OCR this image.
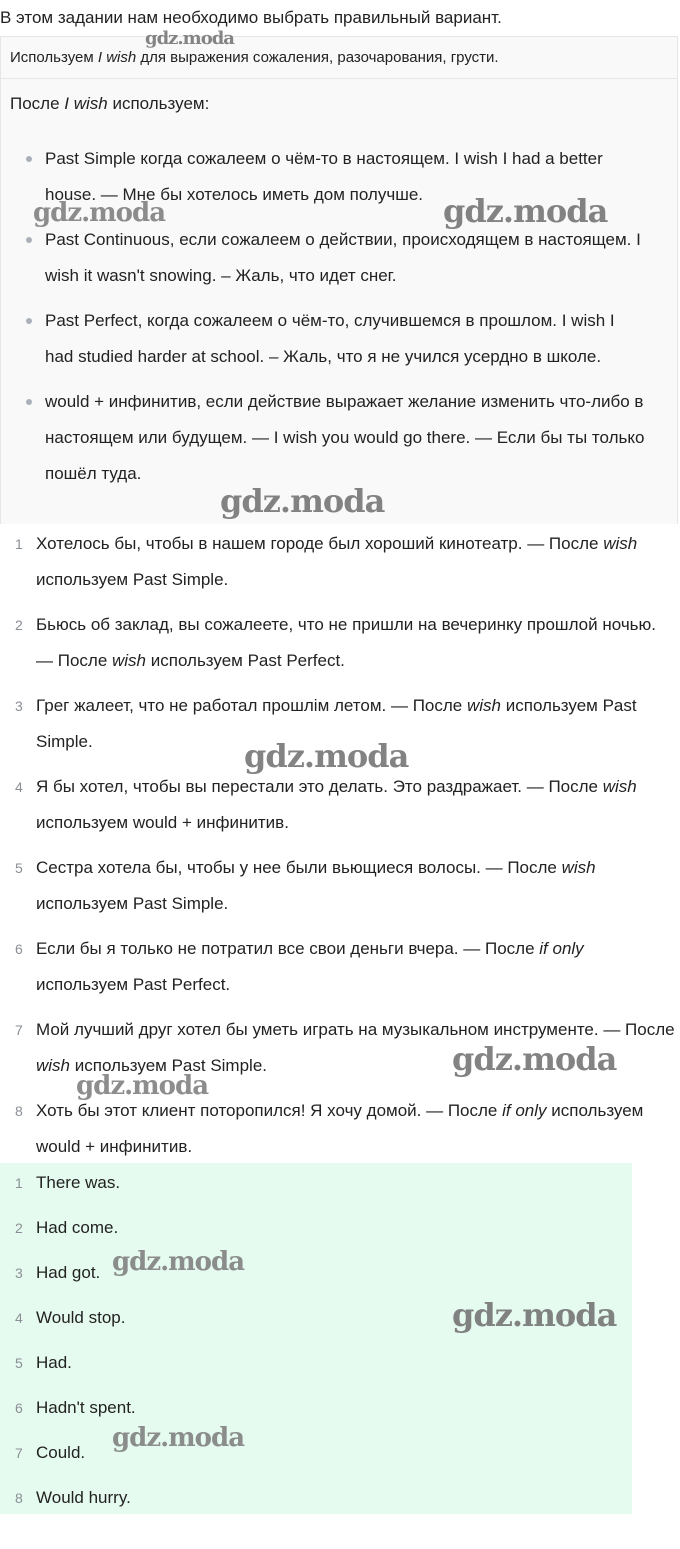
В этом задании нам необходимо выбрать правильный вариант.
Используем I wish для выражения сожаления, разочарования, грусти.
После I wish используем:
Past Simple когда сожалеем о чём-то в настоящем. I wish I had a better house. — Мне бы хотелось иметь дом получше.
Past Continuous, если сожалеем о действии, происходящем в настоящем. I wish it wasn't snowing. – Жаль, что идет снег.
Past Perfect, когда сожалеем о чём-то, случившемся в прошлом. I wish I had studied harder at school. – Жаль, что я не учился усердно в школе.
would + инфинитив, если действие выражает желание изменить что-либо в настоящем или будущем. — I wish you would go there. — Если бы ты только пошёл туда.
1 Хотелось бы, чтобы в нашем городе был хороший кинотеатр. — После wish используем Past Simple.
2 Бьюсь об заклад, вы сожалеете, что не пришли на вечеринку прошлой ночью. — После wish используем Past Perfect.
3 Грег жалеет, что не работал прошлім летом. — После wish используем Past Simple.
4 Я бы хотел, чтобы вы перестали это делать. Это раздражает. — После wish используем would + инфинитив.
5 Сестра хотела бы, чтобы у нее были вьющиеся волосы. — После wish используем Past Simple.
6 Если бы я только не потратил все свои деньги вчера. — После if only используем Past Perfect.
7 Мой лучший друг хотел бы уметь играть на музыкальном инструменте. — После wish используем Past Simple.
8 Хоть бы этот клиент поторопился! Я хочу домой. — После if only используем would + инфинитив.
1 There was.
2 Had come.
3 Had got.
4 Would stop.
5 Had.
6 Hadn't spent.
7 Could.
8 Would hurry.
gdz.moda
gdz.moda	gdz.moda
gdz.moda
gdz.moda
gdz.moda
gdz.moda
gdz.moda
gdz.moda
gdz.moda
